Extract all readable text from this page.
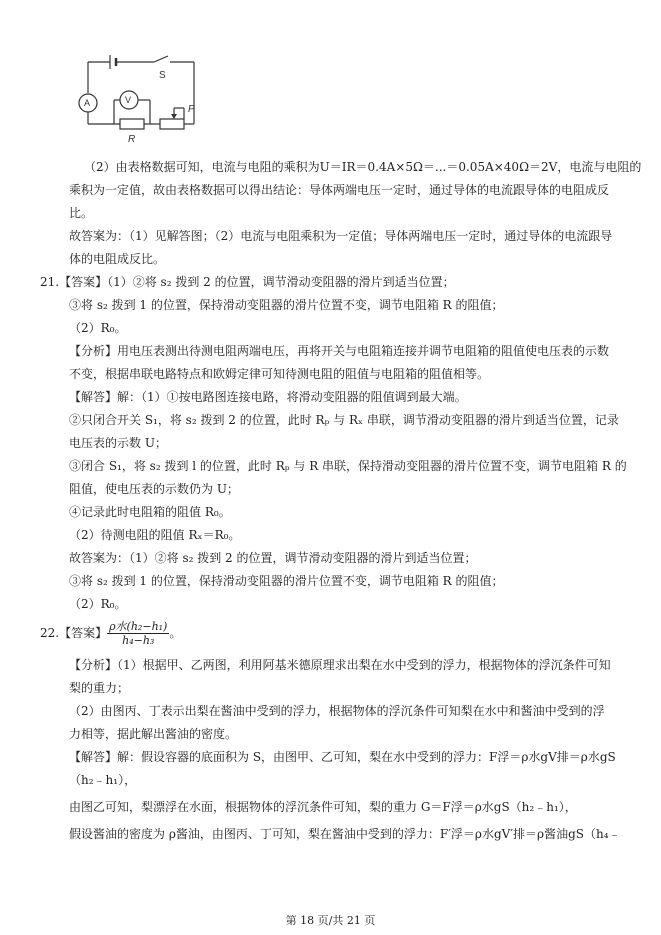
A	V
S
P
R
（2）由表格数据可知，电流与电阻的乘积为U＝IR＝0.4A×5Ω＝...＝0.05A×40Ω＝2V，电流与电阻的
乘积为一定值，故由表格数据可以得出结论：导体两端电压一定时，通过导体的电流跟导体的电阻成反
比。
故答案为：（1）见解答图；（2）电流与电阻乘积为一定值；导体两端电压一定时，通过导体的电流跟导
体的电阻成反比。
21.【答案】（1）②将 s₂ 拨到 2 的位置，调节滑动变阻器的滑片到适当位置；
③将 s₂ 拨到 1 的位置，保持滑动变阻器的滑片位置不变，调节电阻箱 R 的阻值；
（2）R₀。
【分析】用电压表测出待测电阻两端电压，再将开关与电阻箱连接并调节电阻箱的阻值使电压表的示数
不变，根据串联电路特点和欧姆定律可知待测电阻的阻值与电阻箱的阻值相等。
【解答】解：（1）①按电路图连接电路，将滑动变阻器的阻值调到最大端。
②只闭合开关 S₁，将 s₂ 拨到 2 的位置，此时 Rₚ 与 Rₓ 串联，调节滑动变阻器的滑片到适当位置，记录
电压表的示数 U；
③闭合 S₁，将 s₂ 拨到 l 的位置，此时 Rₚ 与 R 串联，保持滑动变阻器的滑片位置不变，调节电阻箱 R 的
阻值，使电压表的示数仍为 U；
④记录此时电阻箱的阻值 R₀。
（2）待测电阻的阻值 Rₓ＝R₀。
故答案为：（1）②将 s₂ 拨到 2 的位置，调节滑动变阻器的滑片到适当位置；
③将 s₂ 拨到 1 的位置，保持滑动变阻器的滑片位置不变，调节电阻箱 R 的阻值；
（2）R₀。
22.【答案】 $\frac{\text{ρ水(h₂−h₁)}}{\text{h₄−h₃}}$ 。
【分析】（1）根据甲、乙两图，利用阿基米德原理求出梨在水中受到的浮力，根据物体的浮沉条件可知
梨的重力；
（2）由图丙、丁表示出梨在酱油中受到的浮力，根据物体的浮沉条件可知梨在水中和酱油中受到的浮
力相等，据此解出酱油的密度。
【解答】解：假设容器的底面积为 S，由图甲、乙可知，梨在水中受到的浮力：F浮＝ρ水gV排＝ρ水gS
（h₂﹣h₁），
由图乙可知，梨漂浮在水面，根据物体的浮沉条件可知，梨的重力 G＝F浮＝ρ水gS（h₂﹣h₁），
假设酱油的密度为 ρ酱油，由图丙、丁可知，梨在酱油中受到的浮力：F′浮＝ρ水gV′排＝ρ酱油gS（h₄﹣
第 18 页/共 21 页
